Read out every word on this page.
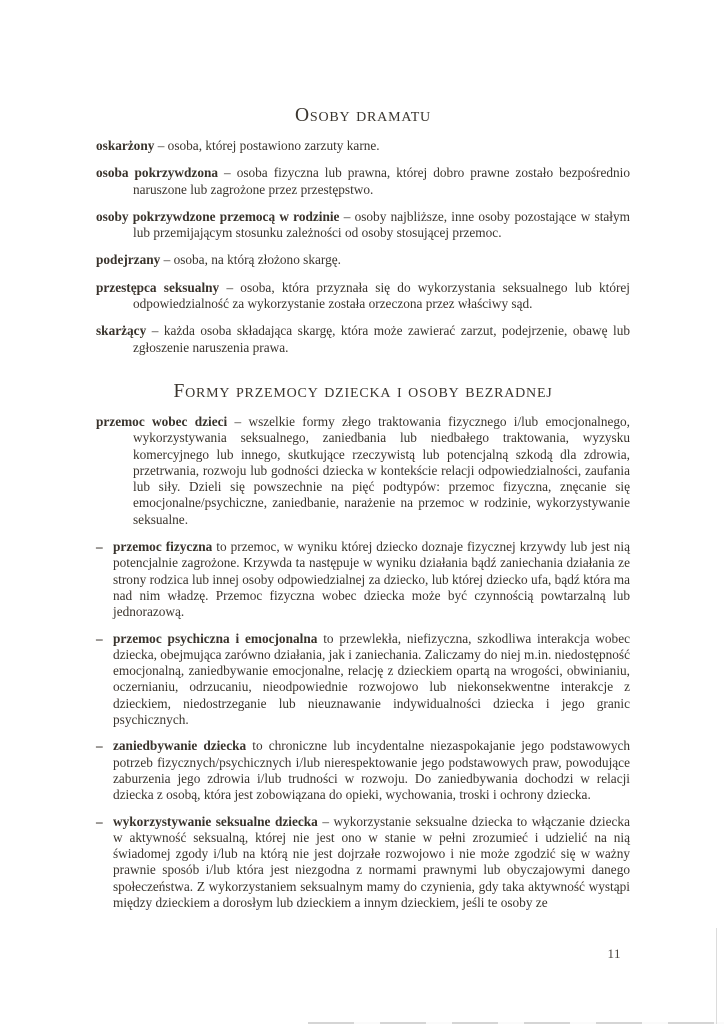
Osoby dramatu

oskarżony – osoba, której postawiono zarzuty karne.

osoba pokrzywdzona – osoba fizyczna lub prawna, której dobro prawne zostało bezpośrednio naruszone lub zagrożone przez przestępstwo.

osoby pokrzywdzone przemocą w rodzinie – osoby najbliższe, inne osoby pozostające w stałym lub przemijającym stosunku zależności od osoby stosującej przemoc.

podejrzany – osoba, na którą złożono skargę.

przestępca seksualny – osoba, która przyznała się do wykorzystania seksualnego lub której odpowiedzialność za wykorzystanie została orzeczona przez właściwy sąd.

skarżący – każda osoba składająca skargę, która może zawierać zarzut, podejrzenie, obawę lub zgłoszenie naruszenia prawa.

Formy przemocy dziecka i osoby bezradnej

przemoc wobec dzieci – wszelkie formy złego traktowania fizycznego i/lub emocjonalnego, wykorzystywania seksualnego, zaniedbania lub niedbałego traktowania, wyzysku komercyjnego lub innego, skutkujące rzeczywistą lub potencjalną szkodą dla zdrowia, przetrwania, rozwoju lub godności dziecka w kontekście relacji odpowiedzialności, zaufania lub siły. Dzieli się powszechnie na pięć podtypów: przemoc fizyczna, znęcanie się emocjonalne/psychiczne, zaniedbanie, narażenie na przemoc w rodzinie, wykorzystywanie seksualne.

– przemoc fizyczna to przemoc, w wyniku której dziecko doznaje fizycznej krzywdy lub jest nią potencjalnie zagrożone. Krzywda ta następuje w wyniku działania bądź zaniechania działania ze strony rodzica lub innej osoby odpowiedzialnej za dziecko, lub której dziecko ufa, bądź która ma nad nim władzę. Przemoc fizyczna wobec dziecka może być czynnością powtarzalną lub jednorazową.

– przemoc psychiczna i emocjonalna to przewlekła, niefizyczna, szkodliwa interakcja wobec dziecka, obejmująca zarówno działania, jak i zaniechania. Zaliczamy do niej m.in. niedostępność emocjonalną, zaniedbywanie emocjonalne, relację z dzieckiem opartą na wrogości, obwinianiu, oczernianiu, odrzucaniu, nieodpowiednie rozwojowo lub niekonsekwentne interakcje z dzieckiem, niedostrzeganie lub nieuznawanie indywidualności dziecka i jego granic psychicznych.

– zaniedbywanie dziecka to chroniczne lub incydentalne niezaspokajanie jego podstawowych potrzeb fizycznych/psychicznych i/lub nierespektowanie jego podstawowych praw, powodujące zaburzenia jego zdrowia i/lub trudności w rozwoju. Do zaniedbywania dochodzi w relacji dziecka z osobą, która jest zobowiązana do opieki, wychowania, troski i ochrony dziecka.

– wykorzystywanie seksualne dziecka – wykorzystanie seksualne dziecka to włączanie dziecka w aktywność seksualną, której nie jest ono w stanie w pełni zrozumieć i udzielić na nią świadomej zgody i/lub na którą nie jest dojrzałe rozwojowo i nie może zgodzić się w ważny prawnie sposób i/lub która jest niezgodna z normami prawnymi lub obyczajowymi danego społeczeństwa. Z wykorzystaniem seksualnym mamy do czynienia, gdy taka aktywność wystąpi między dzieckiem a dorosłym lub dzieckiem a innym dzieckiem, jeśli te osoby ze

11
